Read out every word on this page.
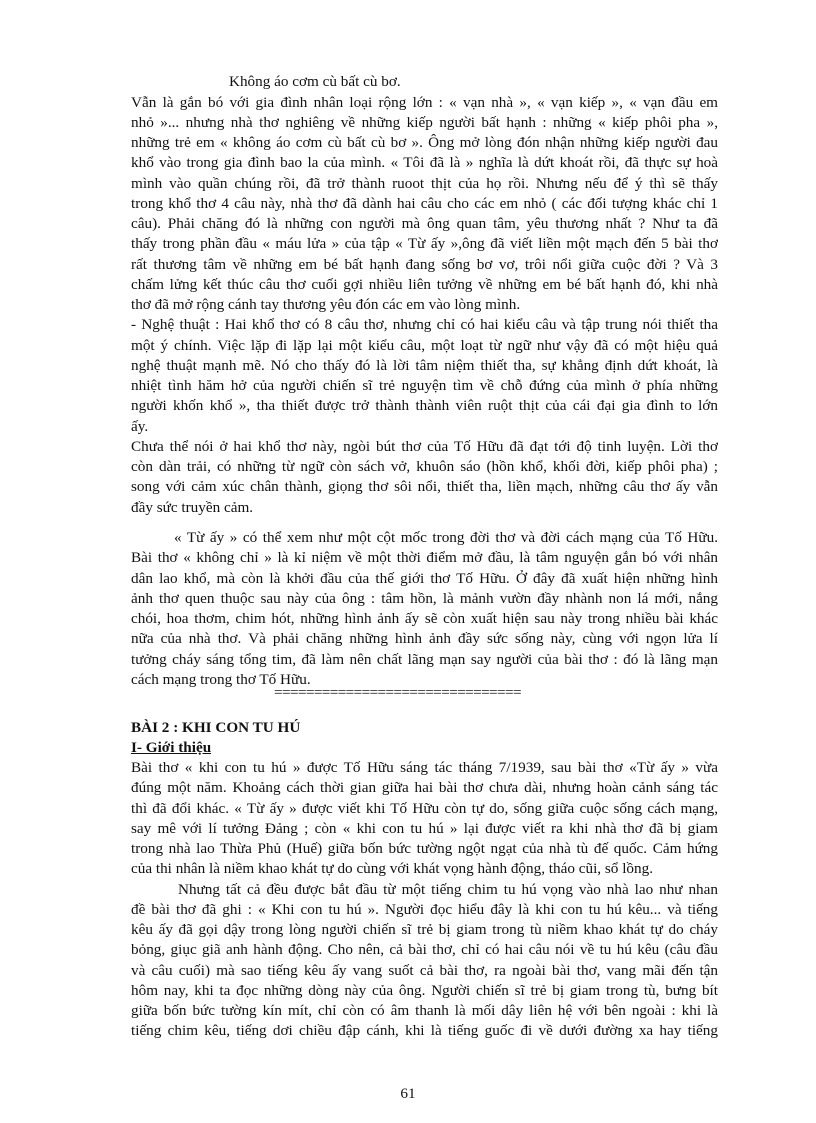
Không áo cơm cù bất cù bơ.
Vẫn là gắn bó với gia đình nhân loại rộng lớn : « vạn nhà », « vạn kiếp », « vạn đầu em
nhỏ »... nhưng nhà thơ nghiêng về những kiếp người bất hạnh : những « kiếp phôi pha »,
những trẻ em « không áo cơm cù bất cù bơ ». Ông mở lòng đón nhận những kiếp người đau
khổ vào trong gia đình bao la của mình. « Tôi đã là » nghĩa là dứt khoát rồi, đã thực sự hoà
mình vào quần chúng rồi, đã trở thành ruoot thịt của họ rồi. Nhưng nếu để ý thì sẽ thấy
trong khổ thơ 4 câu này, nhà thơ đã dành hai câu cho các em nhỏ ( các đối tượng khác chỉ 1
câu). Phải chăng đó là những con người mà ông quan tâm, yêu thương nhất ? Như ta đã
thấy trong phần đầu « máu lửa » của tập « Từ ấy »,ông đã viết liền một mạch đến 5 bài thơ
rất thương tâm về những em bé bất hạnh đang sống bơ vơ, trôi nổi giữa cuộc đời ? Và 3
chấm lửng kết thúc câu thơ cuối gợi nhiều liên tưởng về những em bé bất hạnh đó, khi nhà
thơ đã mở rộng cánh tay thương yêu đón các em vào lòng mình.
- Nghệ thuật : Hai khổ thơ có 8 câu thơ, nhưng chỉ có hai kiểu câu và tập trung nói thiết tha
một ý chính. Việc lặp đi lặp lại một kiểu câu, một loạt từ ngữ như vậy đã có một hiệu quả
nghệ thuật mạnh mẽ. Nó cho thấy đó là lời tâm niệm thiết tha, sự khẳng định dứt khoát, là
nhiệt tình hăm hở của người chiến sĩ trẻ nguyện tìm về chỗ đứng của mình ở phía những
người khốn khổ », tha thiết được trở thành thành viên ruột thịt của cái đại gia đình to lớn
ấy.
Chưa thể nói ở hai khổ thơ này, ngòi bút thơ của Tố Hữu đã đạt tới độ tinh luyện. Lời thơ
còn dàn trải, có những từ ngữ còn sách vở, khuôn sáo (hồn khổ, khối đời, kiếp phôi pha) ;
song với cảm xúc chân thành, giọng thơ sôi nổi, thiết tha, liền mạch, những câu thơ ấy vẫn
đầy sức truyền cảm.
« Từ ấy » có thể xem như một cột mốc trong đời thơ và đời cách mạng của Tố Hữu.
Bài thơ « không chỉ » là kỉ niệm về một thời điểm mở đầu, là tâm nguyện gắn bó với nhân
dân lao khổ, mà còn là khởi đầu của thế giới thơ Tố Hữu. Ở đây đã xuất hiện những hình
ảnh thơ quen thuộc sau này của ông : tâm hồn, là mảnh vườn đầy nhành non lá mới, nắng
chói, hoa thơm, chim hót, những hình ảnh ấy sẽ còn xuất hiện sau này trong nhiều bài khác
nữa của nhà thơ. Và phải chăng những hình ảnh đầy sức sống này, cùng với ngọn lửa lí
tưởng cháy sáng tổng tim, đã làm nên chất lãng mạn say người của bài thơ : đó là lãng mạn
cách mạng trong thơ Tố Hữu.
===============================
BÀI 2 : KHI CON TU HÚ
I- Giới thiệu
Bài thơ « khi con tu hú » được Tố Hữu sáng tác tháng 7/1939, sau bài thơ «Từ ấy » vừa
đúng một năm. Khoảng cách thời gian giữa hai bài thơ chưa dài, nhưng hoàn cảnh sáng tác
thì đã đổi khác. « Từ ấy » được viết khi Tố Hữu còn tự do, sống giữa cuộc sống cách mạng,
say mê với lí tưởng Đảng ; còn « khi con tu hú » lại được viết ra khi nhà thơ đã bị giam
trong nhà lao Thừa Phủ (Huế) giữa bốn bức tường ngột ngạt của nhà tù đế quốc. Cảm hứng
của thi nhân là niềm khao khát tự do cùng với khát vọng hành động, tháo cũi, sổ lồng.
Nhưng tất cả đều được bắt đầu từ một tiếng chim tu hú vọng vào nhà lao như nhan
đề bài thơ đã ghi : « Khi con tu hú ». Người đọc hiểu đây là khi con tu hú kêu... và tiếng
kêu ấy đã gọi dậy trong lòng người chiến sĩ trẻ bị giam trong tù niềm khao khát tự do cháy
bỏng, giục giã anh hành động. Cho nên, cả bài thơ, chỉ có hai câu nói về tu hú kêu (câu đầu
và câu cuối) mà sao tiếng kêu ấy vang suốt cả bài thơ, ra ngoài bài thơ, vang mãi đến tận
hôm nay, khi ta đọc những dòng này của ông. Người chiến sĩ trẻ bị giam trong tù, bưng bít
giữa bốn bức tường kín mít, chỉ còn có âm thanh là mối dây liên hệ với bên ngoài : khi là
tiếng chim kêu, tiếng dơi chiều đập cánh, khi là tiếng guốc đi về dưới đường xa hay tiếng
61
